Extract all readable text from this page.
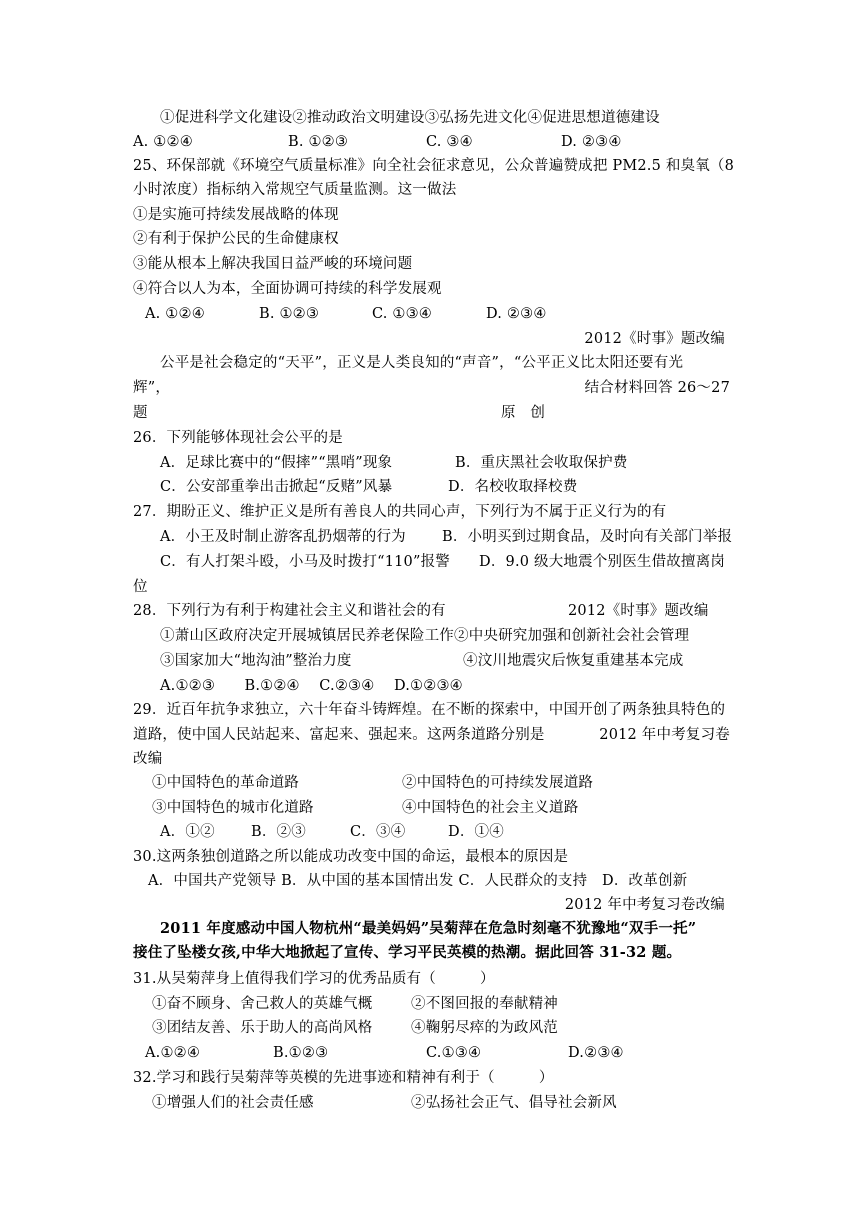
①促进科学文化建设②推动政治文明建设③弘扬先进文化④促进思想道德建设
A. ①②④	B. ①②③	C. ③④	D. ②③④
25、环保部就《环境空气质量标准》向全社会征求意见，公众普遍赞成把 PM2.5 和臭氧（8
小时浓度）指标纳入常规空气质量监测。这一做法
①是实施可持续发展战略的体现
②有利于保护公民的生命健康权
③能从根本上解决我国日益严峻的环境问题
④符合以人为本，全面协调可持续的科学发展观
A. ①②④	B. ①②③	C. ①③④	D. ②③④
2012《时事》题改编
公平是社会稳定的“天平”，正义是人类良知的“声音”，“公平正义比太阳还要有光
辉”，	结合材料回答 26～27
题	原　创
26．下列能够体现社会公平的是
A．足球比赛中的“假摔”“黑哨”现象	B．重庆黑社会收取保护费
C．公安部重拳出击掀起“反赌”风暴	D．名校收取择校费
27．期盼正义、维护正义是所有善良人的共同心声，下列行为不属于正义行为的有
A．小王及时制止游客乱扔烟蒂的行为 B．小明买到过期食品，及时向有关部门举报
C．有人打架斗殴，小马及时拨打“110”报警 D．9.0 级大地震个别医生借故擅离岗
位
28．下列行为有利于构建社会主义和谐社会的有	2012《时事》题改编
①萧山区政府决定开展城镇居民养老保险工作②中央研究加强和创新社会社会管理
③国家加大“地沟油”整治力度	④汶川地震灾后恢复重建基本完成
A.①②③　　B.①②④　 C.②③④　 D.①②③④
29．近百年抗争求独立，六十年奋斗铸辉煌。在不断的探索中，中国开创了两条独具特色的
道路，使中国人民站起来、富起来、强起来。这两条道路分别是	2012 年中考复习卷
改编
①中国特色的革命道路	②中国特色的可持续发展道路
③中国特色的城市化道路	④中国特色的社会主义道路
A．①② B．②③	C．③④	D．①④
30.这两条独创道路之所以能成功改变中国的命运，最根本的原因是
A．中国共产党领导 B．从中国的基本国情出发 C．人民群众的支持　D．改革创新
2012 年中考复习卷改编
2011 年度感动中国人物杭州“最美妈妈”吴菊萍在危急时刻毫不犹豫地“双手一托”
接住了坠楼女孩,中华大地掀起了宣传、学习平民英模的热潮。据此回答 31-32 题。
31.从吴菊萍身上值得我们学习的优秀品质有（　　　）
①奋不顾身、舍己救人的英雄气概	②不图回报的奉献精神
③团结友善、乐于助人的高尚风格	④鞠躬尽瘁的为政风范
A.①②④	B.①②③	C.①③④	D.②③④
32.学习和践行吴菊萍等英模的先进事迹和精神有利于（　　　）
①增强人们的社会责任感	②弘扬社会正气、倡导社会新风
